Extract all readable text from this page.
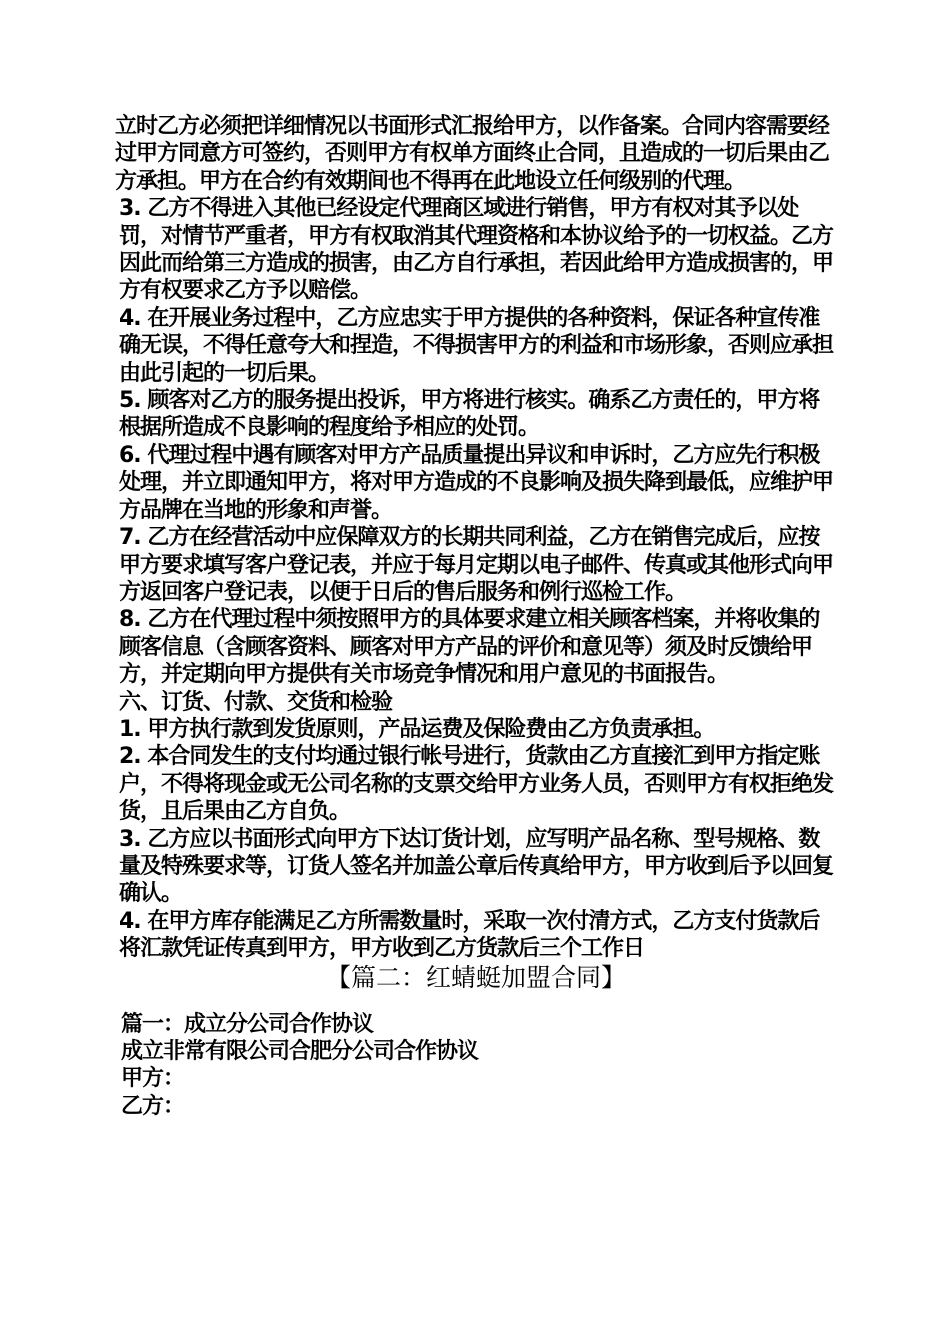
立时乙方必须把详细情况以书面形式汇报给甲方，以作备案。合同内容需要经过甲方同意方可签约，否则甲方有权单方面终止合同，且造成的一切后果由乙方承担。甲方在合约有效期间也不得再在此地设立任何级别的代理。

3. 乙方不得进入其他已经设定代理商区域进行销售，甲方有权对其予以处罚，对情节严重者，甲方有权取消其代理资格和本协议给予的一切权益。乙方因此而给第三方造成的损害，由乙方自行承担，若因此给甲方造成损害的，甲方有权要求乙方予以赔偿。

4. 在开展业务过程中，乙方应忠实于甲方提供的各种资料，保证各种宣传准确无误，不得任意夸大和捏造，不得损害甲方的利益和市场形象，否则应承担由此引起的一切后果。

5. 顾客对乙方的服务提出投诉，甲方将进行核实。确系乙方责任的，甲方将根据所造成不良影响的程度给予相应的处罚。

6. 代理过程中遇有顾客对甲方产品质量提出异议和申诉时，乙方应先行积极处理，并立即通知甲方，将对甲方造成的不良影响及损失降到最低，应维护甲方品牌在当地的形象和声誉。

7. 乙方在经营活动中应保障双方的长期共同利益，乙方在销售完成后，应按甲方要求填写客户登记表，并应于每月定期以电子邮件、传真或其他形式向甲方返回客户登记表，以便于日后的售后服务和例行巡检工作。

8. 乙方在代理过程中须按照甲方的具体要求建立相关顾客档案，并将收集的顾客信息（含顾客资料、顾客对甲方产品的评价和意见等）须及时反馈给甲方，并定期向甲方提供有关市场竞争情况和用户意见的书面报告。

六、订货、付款、交货和检验

1. 甲方执行款到发货原则，产品运费及保险费由乙方负责承担。

2. 本合同发生的支付均通过银行帐号进行，货款由乙方直接汇到甲方指定账户，不得将现金或无公司名称的支票交给甲方业务人员，否则甲方有权拒绝发货，且后果由乙方自负。

3. 乙方应以书面形式向甲方下达订货计划，应写明产品名称、型号规格、数量及特殊要求等，订货人签名并加盖公章后传真给甲方，甲方收到后予以回复确认。

4. 在甲方库存能满足乙方所需数量时，采取一次付清方式，乙方支付货款后将汇款凭证传真到甲方，甲方收到乙方货款后三个工作日

【篇二：红蜻蜓加盟合同】

篇一：成立分公司合作协议

成立非常有限公司合肥分公司合作协议

甲方：

乙方：
